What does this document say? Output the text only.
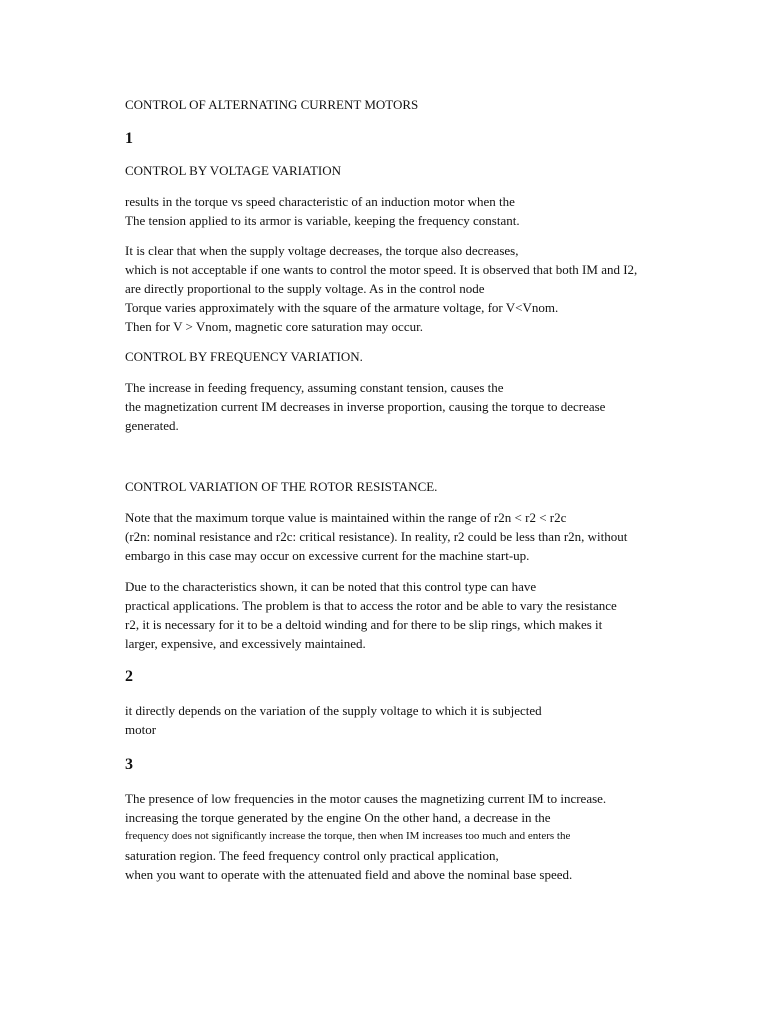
CONTROL OF ALTERNATING CURRENT MOTORS

1

CONTROL BY VOLTAGE VARIATION

results in the torque vs speed characteristic of an induction motor when the
The tension applied to its armor is variable, keeping the frequency constant.

It is clear that when the supply voltage decreases, the torque also decreases,
which is not acceptable if one wants to control the motor speed. It is observed that both IM and I2,
are directly proportional to the supply voltage. As in the control node
Torque varies approximately with the square of the armature voltage, for V<Vnom.
Then for V > Vnom, magnetic core saturation may occur.

CONTROL BY FREQUENCY VARIATION.

The increase in feeding frequency, assuming constant tension, causes the
the magnetization current IM decreases in inverse proportion, causing the torque to decrease
generated.

CONTROL VARIATION OF THE ROTOR RESISTANCE.

Note that the maximum torque value is maintained within the range of r2n < r2 < r2c
(r2n: nominal resistance and r2c: critical resistance). In reality, r2 could be less than r2n, without
embargo in this case may occur on excessive current for the machine start-up.

Due to the characteristics shown, it can be noted that this control type can have
practical applications. The problem is that to access the rotor and be able to vary the resistance
r2, it is necessary for it to be a deltoid winding and for there to be slip rings, which makes it
larger, expensive, and excessively maintained.

2

it directly depends on the variation of the supply voltage to which it is subjected
motor

3

The presence of low frequencies in the motor causes the magnetizing current IM to increase.
increasing the torque generated by the engine On the other hand, a decrease in the
frequency does not significantly increase the torque, then when IM increases too much and enters the
saturation region. The feed frequency control only practical application,
when you want to operate with the attenuated field and above the nominal base speed.
